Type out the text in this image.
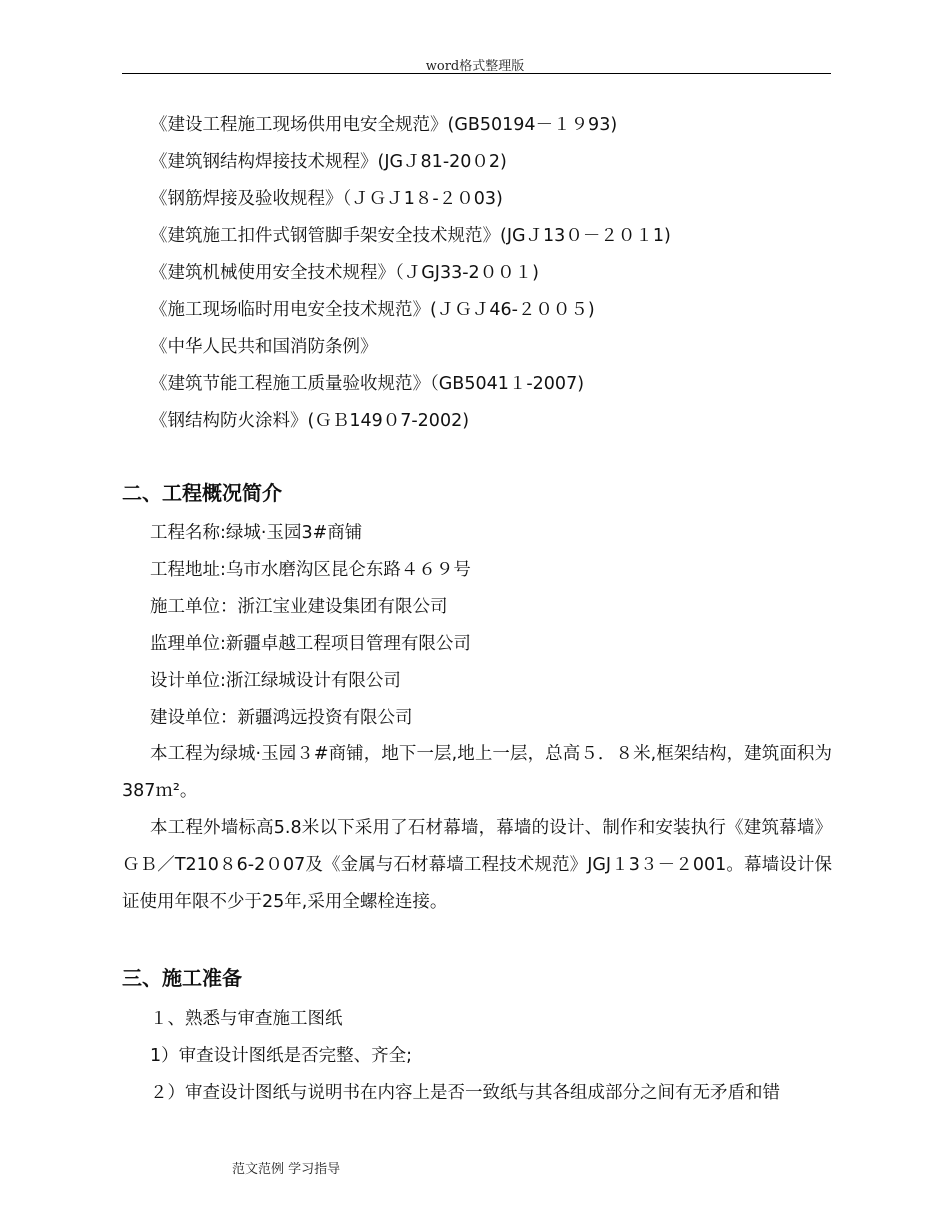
word格式整理版
《建设工程施工现场供用电安全规范》(GB50194－１９93)
《建筑钢结构焊接技术规程》(JGＪ81-20０2)
《钢筋焊接及验收规程》（ＪＧＪ1８-２０03)
《建筑施工扣件式钢管脚手架安全技术规范》(JGＪ13０－２０１1)
《建筑机械使用安全技术规程》（ＪGJ33-2００１)
《施工现场临时用电安全技术规范》(ＪＧＪ46-２００５)
《中华人民共和国消防条例》
《建筑节能工程施工质量验收规范》（GB5041１-2007)
《钢结构防火涂料》(ＧＢ149０7-2002)
二、工程概况简介
工程名称:绿城·玉园3#商铺
工程地址:乌市水磨沟区昆仑东路４６９号
施工单位：浙江宝业建设集团有限公司
监理单位:新疆卓越工程项目管理有限公司
设计单位:浙江绿城设计有限公司
建设单位：新疆鸿远投资有限公司
本工程为绿城·玉园３#商铺，地下一层,地上一层，总高５．８米,框架结构，建筑面积为387ｍ²。
本工程外墙标高5.8米以下采用了石材幕墙，幕墙的设计、制作和安装执行《建筑幕墙》ＧＢ／T210８6-2０07及《金属与石材幕墙工程技术规范》JGJ１3３－２001。幕墙设计保证使用年限不少于25年,采用全螺栓连接。
三、施工准备
１、熟悉与审查施工图纸
1）审查设计图纸是否完整、齐全;
２）审查设计图纸与说明书在内容上是否一致纸与其各组成部分之间有无矛盾和错
范文范例 学习指导
